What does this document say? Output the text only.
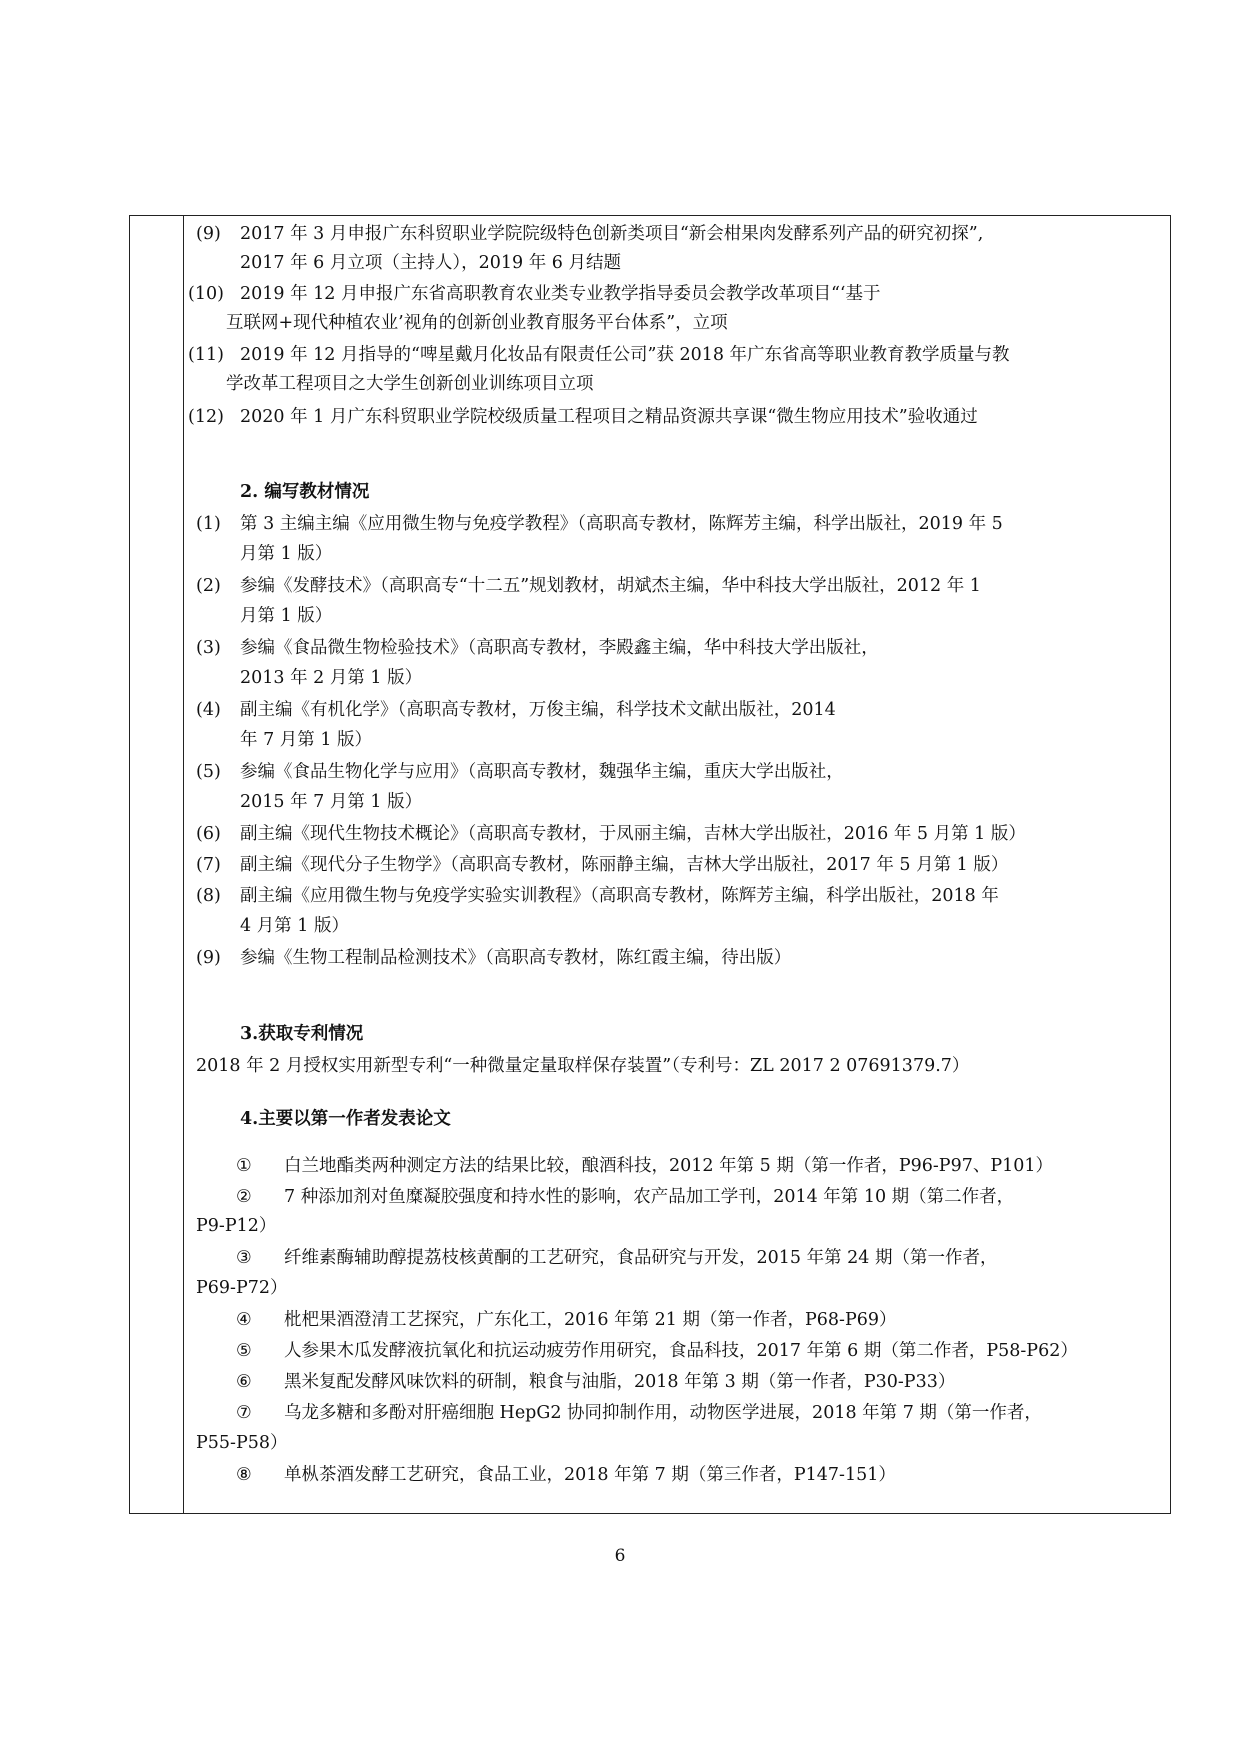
(9) 2017 年 3 月申报广东科贸职业学院院级特色创新类项目“新会柑果肉发酵系列产品的研究初探”,
2017 年 6 月立项（主持人），2019 年 6 月结题
(10) 2019 年 12 月申报广东省高职教育农业类专业教学指导委员会教学改革项目“‘基于
互联网+现代种植农业’视角的创新创业教育服务平台体系”，立项
(11) 2019 年 12 月指导的“啤星戴月化妆品有限责任公司”获 2018 年广东省高等职业教育教学质量与教
学改革工程项目之大学生创新创业训练项目立项
(12) 2020 年 1 月广东科贸职业学院校级质量工程项目之精品资源共享课“微生物应用技术”验收通过
2. 编写教材情况
(1) 第 3 主编主编《应用微生物与免疫学教程》（高职高专教材，陈辉芳主编，科学出版社，2019 年 5
月第 1 版）
(2) 参编《发酵技术》（高职高专“十二五”规划教材，胡斌杰主编，华中科技大学出版社，2012 年 1
月第 1 版）
(3) 参编《食品微生物检验技术》（高职高专教材，李殿鑫主编，华中科技大学出版社，
2013 年 2 月第 1 版）
(4) 副主编《有机化学》（高职高专教材，万俊主编，科学技术文献出版社，2014
年 7 月第 1 版）
(5) 参编《食品生物化学与应用》（高职高专教材，魏强华主编，重庆大学出版社，
2015 年 7 月第 1 版）
(6) 副主编《现代生物技术概论》（高职高专教材，于凤丽主编，吉林大学出版社，2016 年 5 月第 1 版）
(7) 副主编《现代分子生物学》（高职高专教材，陈丽静主编，吉林大学出版社，2017 年 5 月第 1 版）
(8) 副主编《应用微生物与免疫学实验实训教程》（高职高专教材，陈辉芳主编，科学出版社，2018 年
4 月第 1 版）
(9) 参编《生物工程制品检测技术》（高职高专教材，陈红霞主编，待出版）
3.获取专利情况
2018 年 2 月授权实用新型专利“一种微量定量取样保存装置”（专利号：ZL 2017 2 07691379.7）
4.主要以第一作者发表论文
① 白兰地酯类两种测定方法的结果比较，酿酒科技，2012 年第 5 期（第一作者，P96-P97、P101）
② 7 种添加剂对鱼糜凝胶强度和持水性的影响，农产品加工学刊，2014 年第 10 期（第二作者，
P9-P12）
③ 纤维素酶辅助醇提荔枝核黄酮的工艺研究，食品研究与开发，2015 年第 24 期（第一作者，
P69-P72）
④ 枇杷果酒澄清工艺探究，广东化工，2016 年第 21 期（第一作者，P68-P69）
⑤ 人参果木瓜发酵液抗氧化和抗运动疲劳作用研究，食品科技，2017 年第 6 期（第二作者，P58-P62）
⑥ 黑米复配发酵风味饮料的研制，粮食与油脂，2018 年第 3 期（第一作者，P30-P33）
⑦ 乌龙多糖和多酚对肝癌细胞 HepG2 协同抑制作用，动物医学进展，2018 年第 7 期（第一作者，
P55-P58）
⑧ 单枞茶酒发酵工艺研究，食品工业，2018 年第 7 期（第三作者，P147-151）
6
